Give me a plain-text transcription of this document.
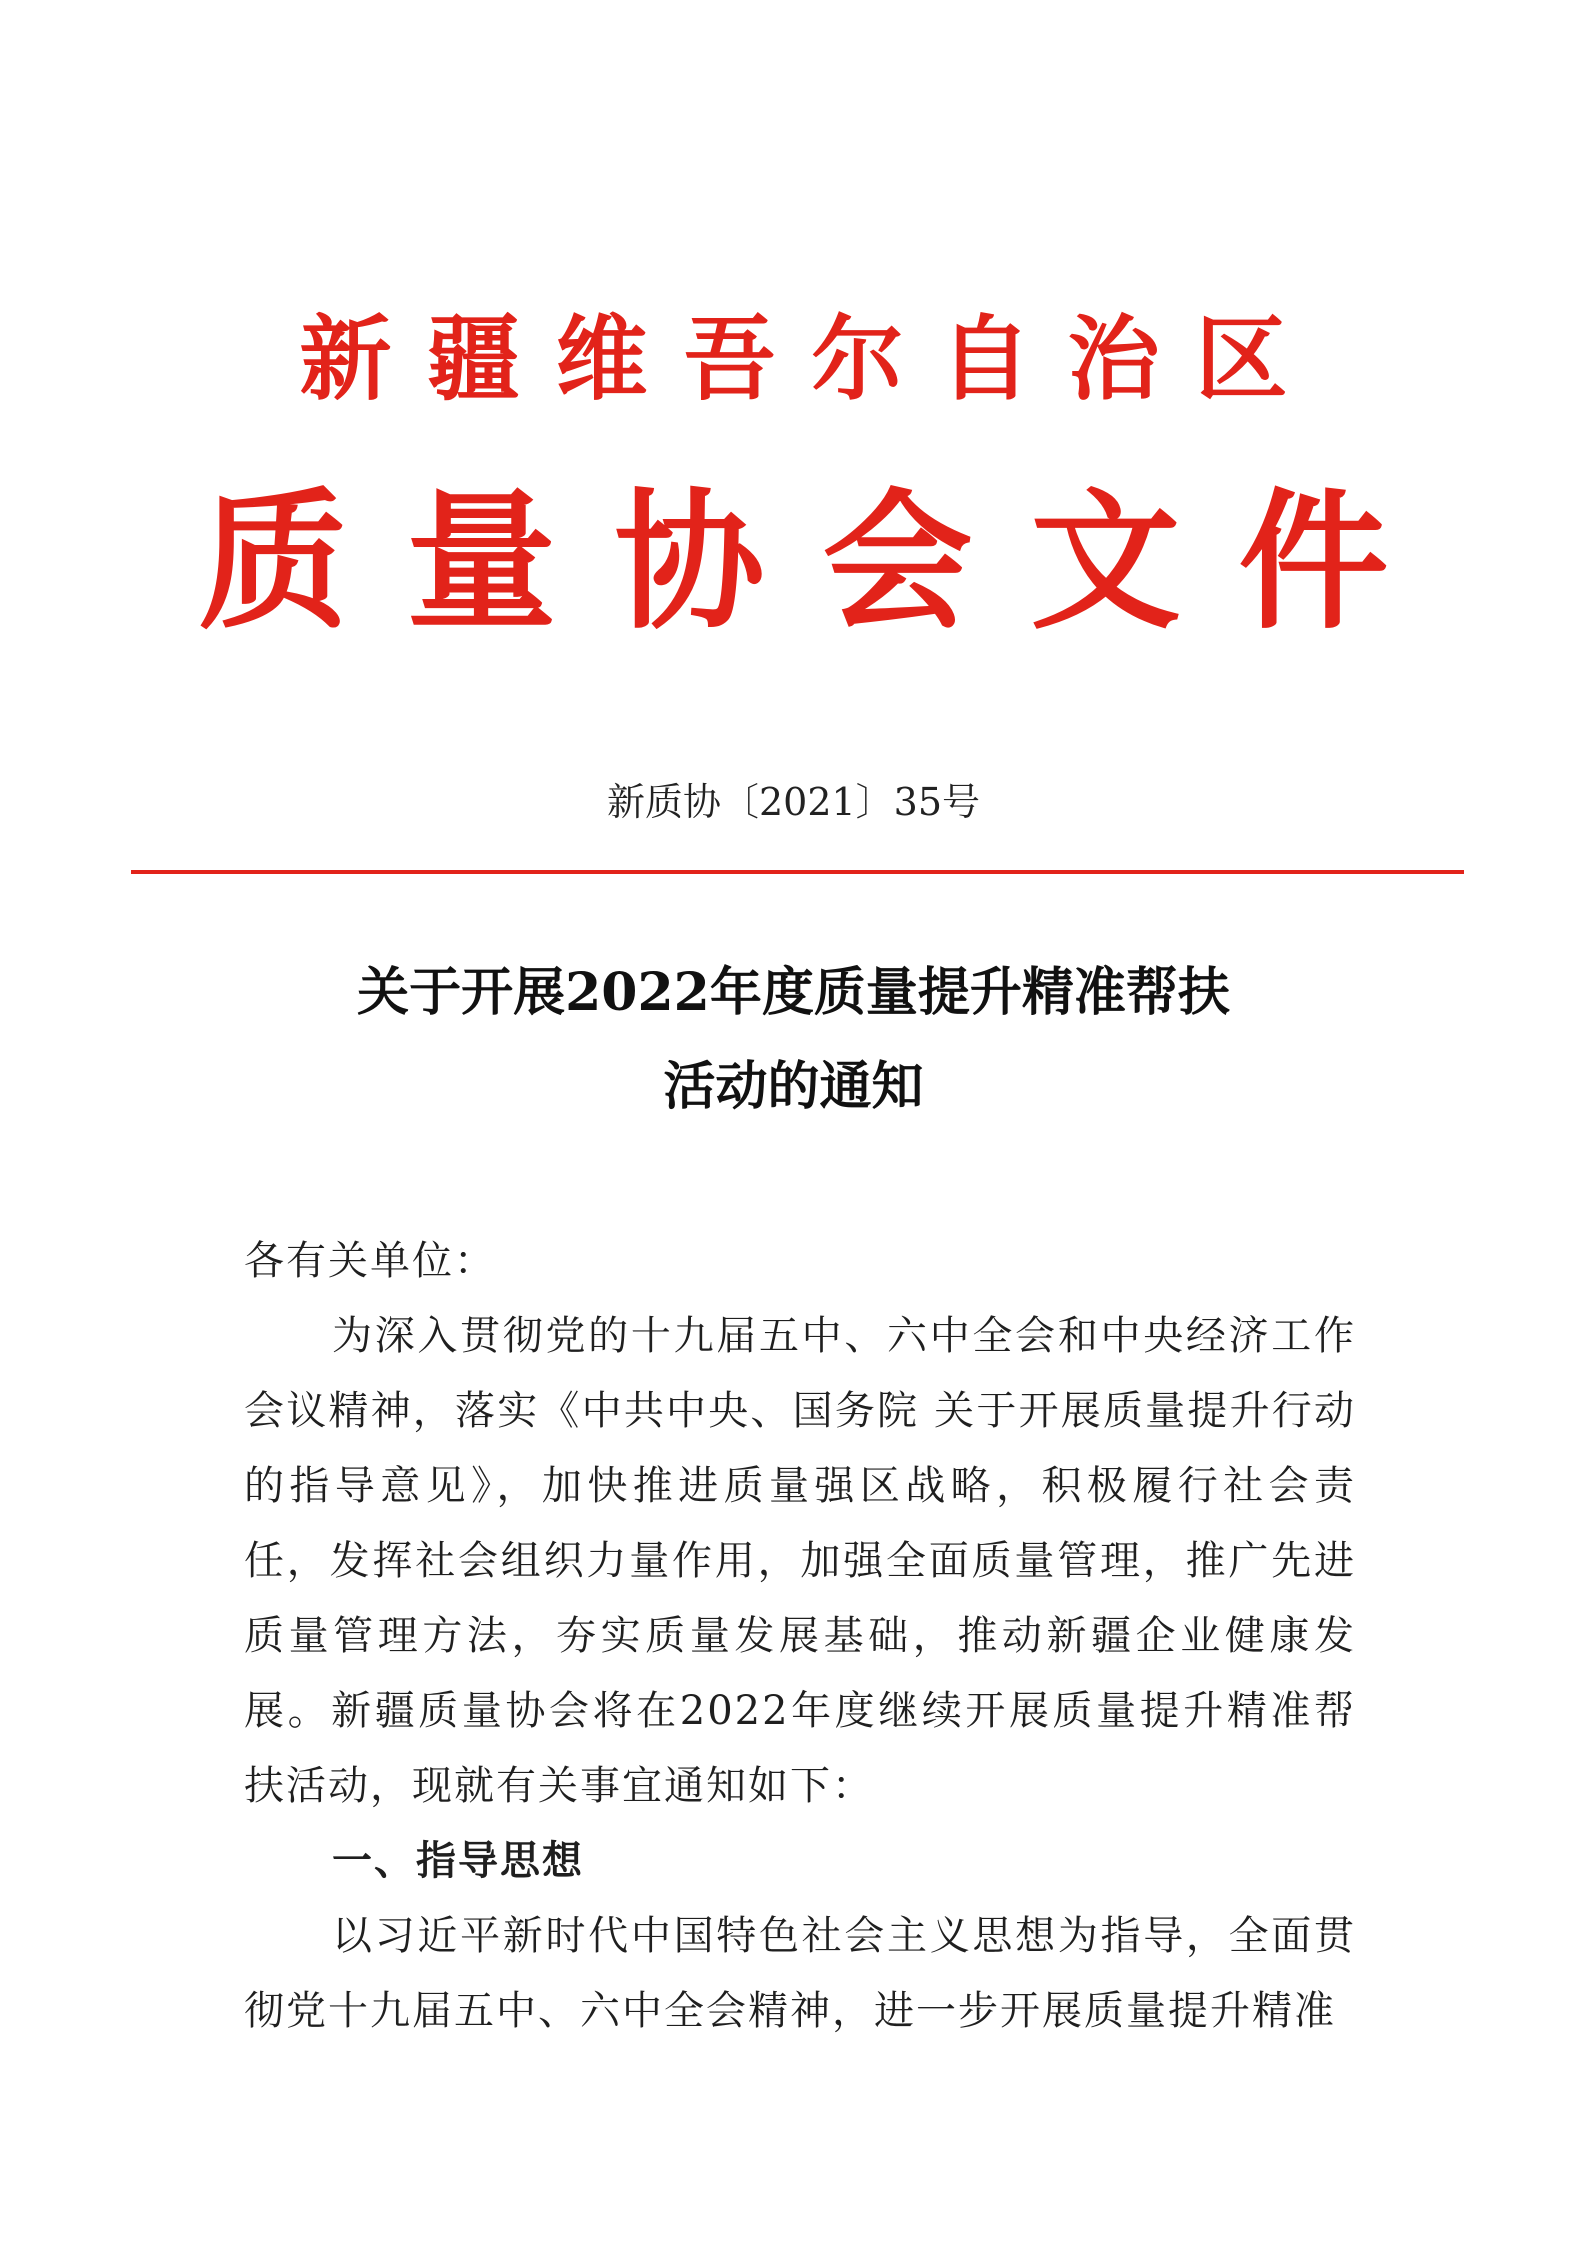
新疆维吾尔自治区
质量协会文件
新质协〔2021〕35号
关于开展2022年度质量提升精准帮扶
活动的通知

各有关单位：

为深入贯彻党的十九届五中、六中全会和中央经济工作会议精神，落实《中共中央、国务院 关于开展质量提升行动的指导意见》，加快推进质量强区战略，积极履行社会责任，发挥社会组织力量作用，加强全面质量管理，推广先进质量管理方法，夯实质量发展基础，推动新疆企业健康发展。新疆质量协会将在2022年度继续开展质量提升精准帮扶活动，现就有关事宜通知如下：

一、指导思想

以习近平新时代中国特色社会主义思想为指导，全面贯彻党十九届五中、六中全会精神，进一步开展质量提升精准
